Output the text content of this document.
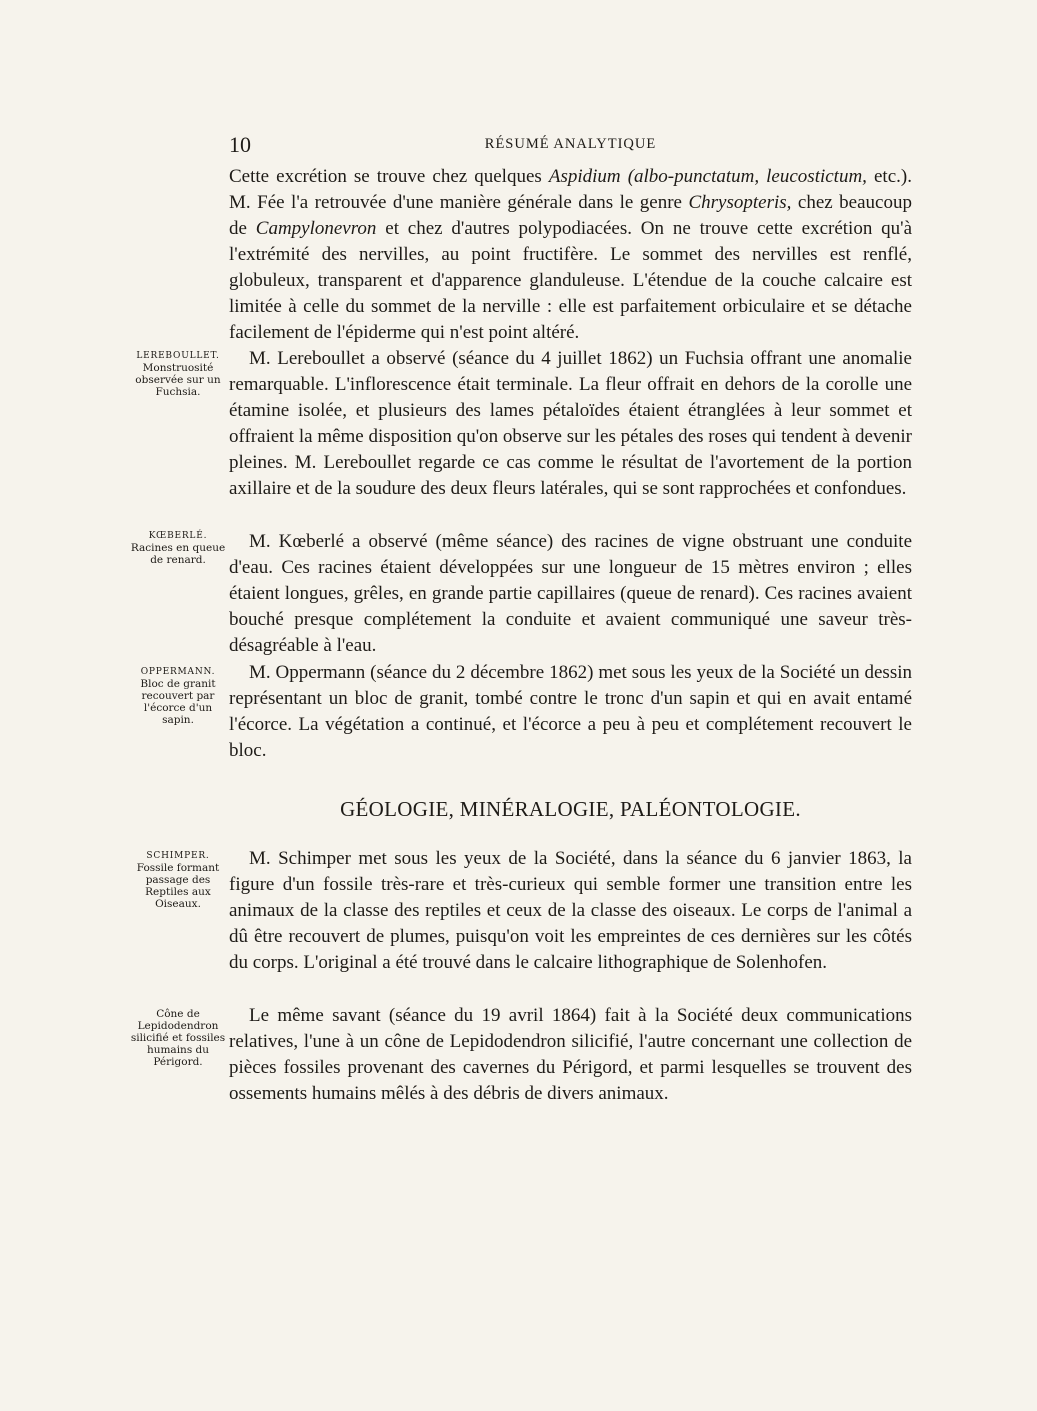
10	RÉSUMÉ ANALYTIQUE

Cette excrétion se trouve chez quelques Aspidium (albo-punctatum, leucostictum, etc.). M. Fée l'a retrouvée d'une manière générale dans le genre Chrysopteris, chez beaucoup de Campylonevron et chez d'autres polypodiacées. On ne trouve cette excrétion qu'à l'extrémité des nervilles, au point fructifère. Le sommet des nervilles est renflé, globuleux, transparent et d'apparence glanduleuse. L'étendue de la couche calcaire est limitée à celle du sommet de la nerville : elle est parfaitement orbiculaire et se détache facilement de l'épiderme qui n'est point altéré.

LEREBOULLET.
Monstruosité observée sur un Fuchsia.

M. Lereboullet a observé (séance du 4 juillet 1862) un Fuchsia offrant une anomalie remarquable. L'inflorescence était terminale. La fleur offrait en dehors de la corolle une étamine isolée, et plusieurs des lames pétaloïdes étaient étranglées à leur sommet et offraient la même disposition qu'on observe sur les pétales des roses qui tendent à devenir pleines. M. Lereboullet regarde ce cas comme le résultat de l'avortement de la portion axillaire et de la soudure des deux fleurs latérales, qui se sont rapprochées et confondues.

KŒBERLÉ.
Racines en queue de renard.

M. Kœberlé a observé (même séance) des racines de vigne obstruant une conduite d'eau. Ces racines étaient développées sur une longueur de 15 mètres environ ; elles étaient longues, grêles, en grande partie capillaires (queue de renard). Ces racines avaient bouché presque complétement la conduite et avaient communiqué une saveur très-désagréable à l'eau.

OPPERMANN.
Bloc de granit recouvert par l'écorce d'un sapin.

M. Oppermann (séance du 2 décembre 1862) met sous les yeux de la Société un dessin représentant un bloc de granit, tombé contre le tronc d'un sapin et qui en avait entamé l'écorce. La végétation a continué, et l'écorce a peu à peu et complétement recouvert le bloc.

GÉOLOGIE, MINÉRALOGIE, PALÉONTOLOGIE.
SCHIMPER.
Fossile formant passage des Reptiles aux Oiseaux.

M. Schimper met sous les yeux de la Société, dans la séance du 6 janvier 1863, la figure d'un fossile très-rare et très-curieux qui semble former une transition entre les animaux de la classe des reptiles et ceux de la classe des oiseaux. Le corps de l'animal a dû être recouvert de plumes, puisqu'on voit les empreintes de ces dernières sur les côtés du corps. L'original a été trouvé dans le calcaire lithographique de Solenhofen.

Cône de Lepidodendron silicifié et fossiles humains du Périgord.

Le même savant (séance du 19 avril 1864) fait à la Société deux communications relatives, l'une à un cône de Lepidodendron silicifié, l'autre concernant une collection de pièces fossiles provenant des cavernes du Périgord, et parmi lesquelles se trouvent des ossements humains mêlés à des débris de divers animaux.
